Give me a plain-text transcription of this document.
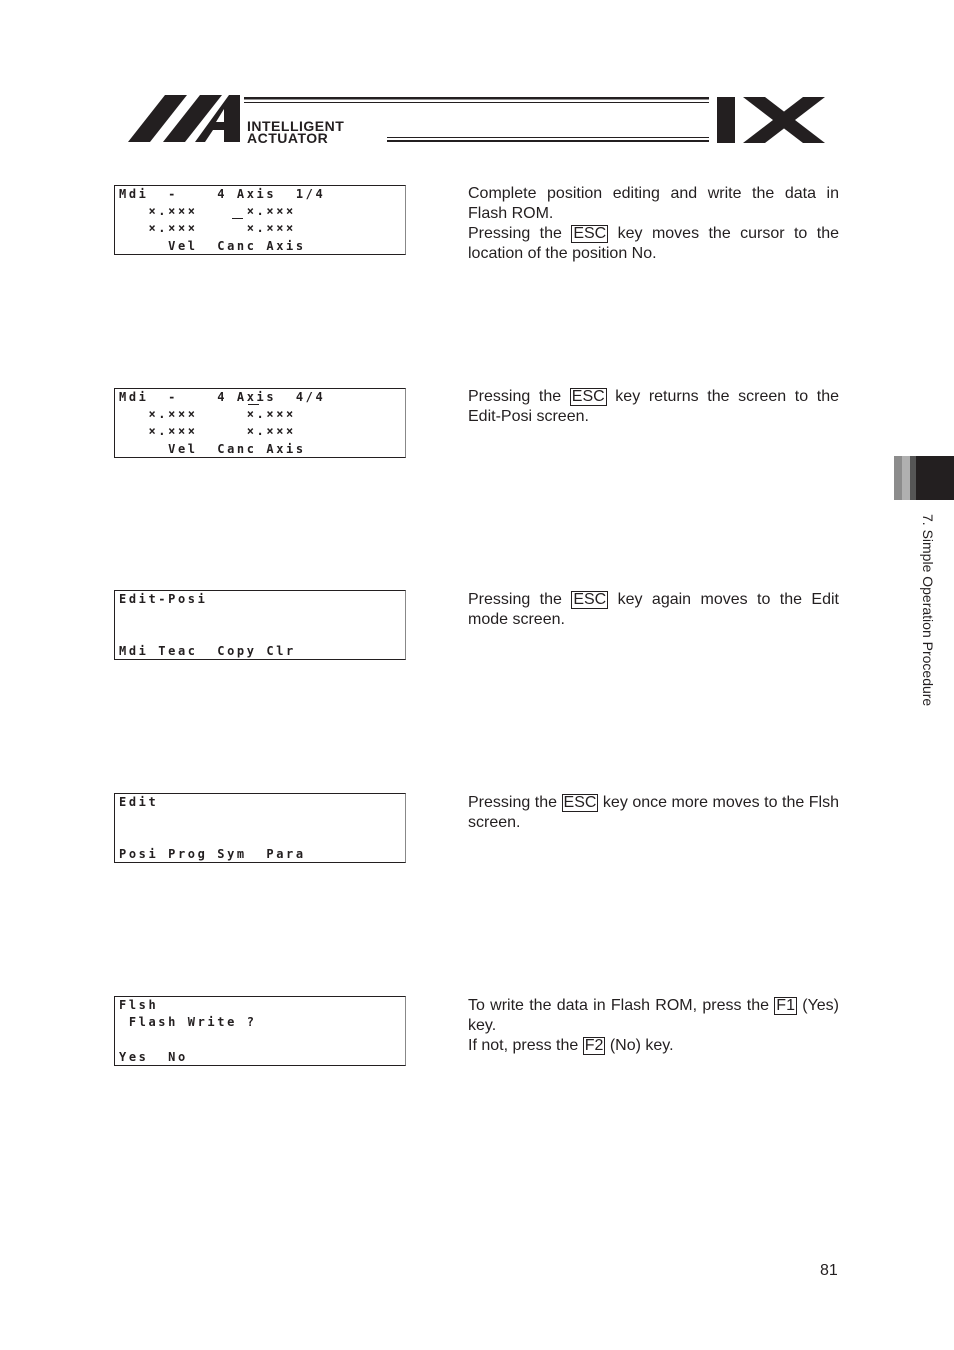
INTELLIGENT
ACTUATOR
Mdi  -    4 Axis  1/4
×.×××     ×.×××
×.×××     ×.×××
Vel  Canc Axis

Complete position editing and write the data in Flash ROM.

Pressing the ESC key moves the cursor to the location of the position No.

Mdi  -    4 Axis  4/4
×.×××     ×.×××
×.×××     ×.×××
Vel  Canc Axis

Pressing the ESC key returns the screen to the Edit-Posi screen.

Edit-Posi
Mdi Teac  Copy Clr

Pressing the ESC key again moves to the Edit mode screen.

Edit
Posi Prog Sym  Para

Pressing the ESC key once more moves to the Flsh screen.

Flsh
Flash Write ?
Yes  No

To write the data in Flash ROM, press the F1 (Yes) key.

If not, press the F2 (No) key.

7. Simple Operation Procedure
81
